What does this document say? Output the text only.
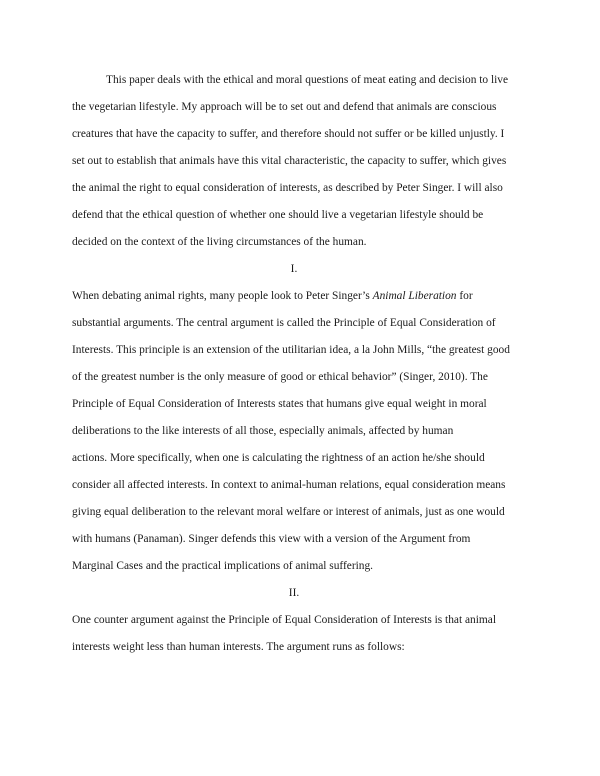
This paper deals with the ethical and moral questions of meat eating and decision to live
the vegetarian lifestyle. My approach will be to set out and defend that animals are conscious
creatures that have the capacity to suffer, and therefore should not suffer or be killed unjustly. I
set out to establish that animals have this vital characteristic, the capacity to suffer, which gives
the animal the right to equal consideration of interests, as described by Peter Singer. I will also
defend that the ethical question of whether one should live a vegetarian lifestyle should be
decided on the context of the living circumstances of the human.

I.

When debating animal rights, many people look to Peter Singer’s Animal Liberation for
substantial arguments. The central argument is called the Principle of Equal Consideration of
Interests. This principle is an extension of the utilitarian idea, a la John Mills, “the greatest good
of the greatest number is the only measure of good or ethical behavior” (Singer, 2010). The
Principle of Equal Consideration of Interests states that humans give equal weight in moral
deliberations to the like interests of all those, especially animals, affected by human
actions. More specifically, when one is calculating the rightness of an action he/she should
consider all affected interests. In context to animal-human relations, equal consideration means
giving equal deliberation to the relevant moral welfare or interest of animals, just as one would
with humans (Panaman). Singer defends this view with a version of the Argument from
Marginal Cases and the practical implications of animal suffering.

II.

One counter argument against the Principle of Equal Consideration of Interests is that animal
interests weight less than human interests. The argument runs as follows:
